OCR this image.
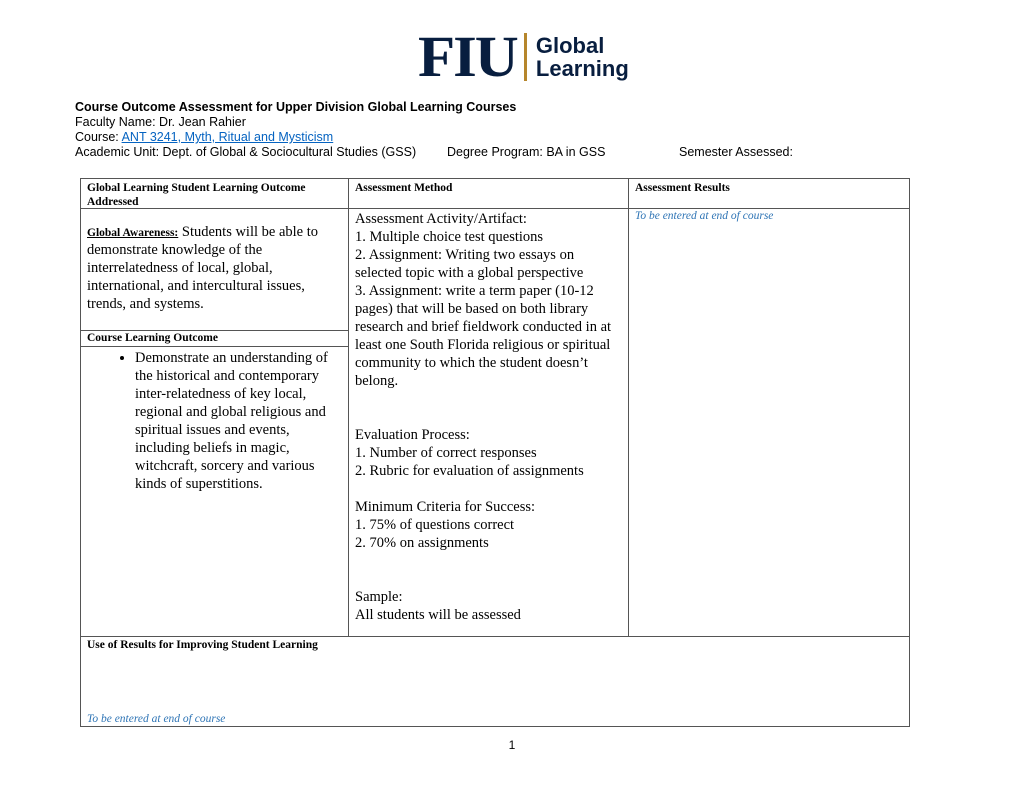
FIU Global
Learning
Course Outcome Assessment for Upper Division Global Learning Courses
Faculty Name: Dr. Jean Rahier
Course: ANT 3241, Myth, Ritual and Mysticism
Academic Unit: Dept. of Global & Sociocultural Studies (GSS) Degree Program: BA in GSS	Semester Assessed:
Global Learning Student Learning Outcome Addressed
Assessment Method	Assessment Results
Global Awareness: Students will be able to demonstrate knowledge of the interrelatedness of local, global, international, and intercultural issues, trends, and systems.
Course Learning Outcome
• Demonstrate an understanding of the historical and contemporary inter-relatedness of key local, regional and global religious and spiritual issues and events, including beliefs in magic, witchcraft, sorcery and various kinds of superstitions.
Assessment Activity/Artifact:
1. Multiple choice test questions
2. Assignment: Writing two essays on selected topic with a global perspective
3. Assignment: write a term paper (10-12 pages) that will be based on both library research and brief fieldwork conducted in at least one South Florida religious or spiritual community to which the student doesn’t belong.
Evaluation Process:
1. Number of correct responses
2. Rubric for evaluation of assignments
Minimum Criteria for Success:
1. 75% of questions correct
2. 70% on assignments
Sample:
All students will be assessed
To be entered at end of course
Use of Results for Improving Student Learning
To be entered at end of course
1
